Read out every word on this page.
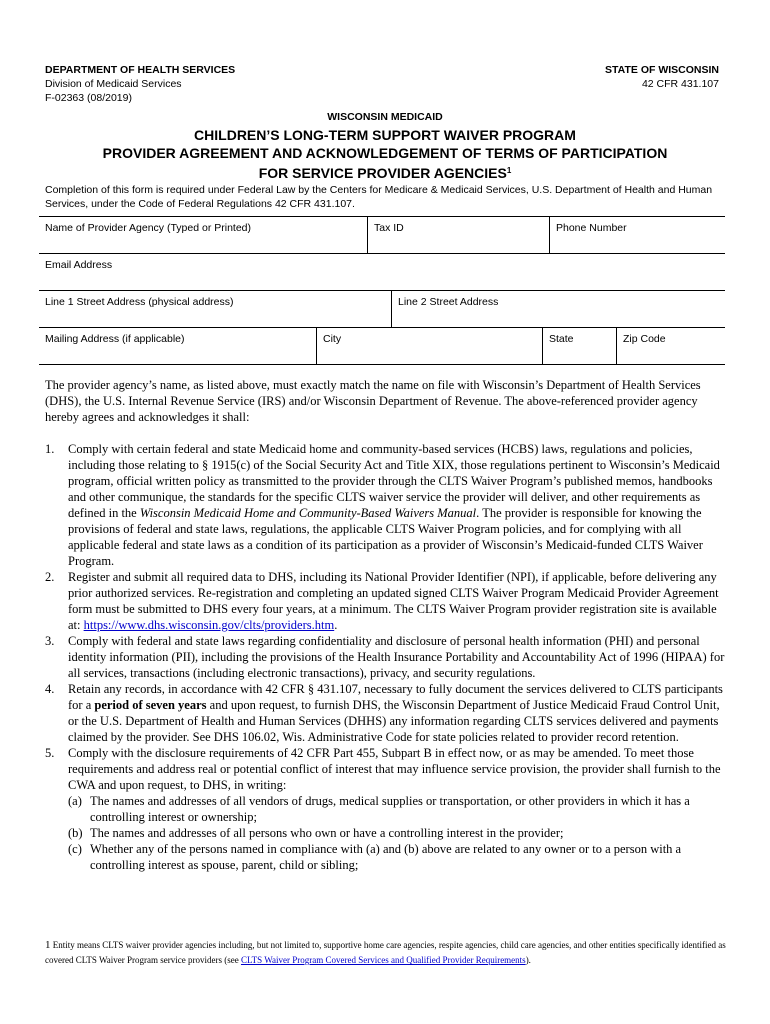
DEPARTMENT OF HEALTH SERVICES
Division of Medicaid Services
F-02363 (08/2019)
STATE OF WISCONSIN
42 CFR 431.107
WISCONSIN MEDICAID
CHILDREN’S LONG-TERM SUPPORT WAIVER PROGRAM
PROVIDER AGREEMENT AND ACKNOWLEDGEMENT OF TERMS OF PARTICIPATION
FOR SERVICE PROVIDER AGENCIES$^1$
Completion of this form is required under Federal Law by the Centers for Medicare & Medicaid Services, U.S. Department of Health and Human Services, under the Code of Federal Regulations 42 CFR 431.107.
Name of Provider Agency (Typed or Printed)	Tax ID	Phone Number
Email Address
Line 1 Street Address (physical address)	Line 2 Street Address
Mailing Address (if applicable)	City	State	Zip Code

The provider agency’s name, as listed above, must exactly match the name on file with Wisconsin’s Department of Health Services (DHS), the U.S. Internal Revenue Service (IRS) and/or Wisconsin Department of Revenue. The above-referenced provider agency hereby agrees and acknowledges it shall:

1. Comply with certain federal and state Medicaid home and community-based services (HCBS) laws, regulations and policies, including those relating to § 1915(c) of the Social Security Act and Title XIX, those regulations pertinent to Wisconsin’s Medicaid program, official written policy as transmitted to the provider through the CLTS Waiver Program’s published memos, handbooks and other communique, the standards for the specific CLTS waiver service the provider will deliver, and other requirements as defined in the Wisconsin Medicaid Home and Community-Based Waivers Manual. The provider is responsible for knowing the provisions of federal and state laws, regulations, the applicable CLTS Waiver Program policies, and for complying with all applicable federal and state laws as a condition of its participation as a provider of Wisconsin’s Medicaid-funded CLTS Waiver Program.
2. Register and submit all required data to DHS, including its National Provider Identifier (NPI), if applicable, before delivering any prior authorized services. Re-registration and completing an updated signed CLTS Waiver Program Medicaid Provider Agreement form must be submitted to DHS every four years, at a minimum. The CLTS Waiver Program provider registration site is available at: https://www.dhs.wisconsin.gov/clts/providers.htm.
3. Comply with federal and state laws regarding confidentiality and disclosure of personal health information (PHI) and personal identity information (PII), including the provisions of the Health Insurance Portability and Accountability Act of 1996 (HIPAA) for all services, transactions (including electronic transactions), privacy, and security regulations.
4. Retain any records, in accordance with 42 CFR § 431.107, necessary to fully document the services delivered to CLTS participants for a period of seven years and upon request, to furnish DHS, the Wisconsin Department of Justice Medicaid Fraud Control Unit, or the U.S. Department of Health and Human Services (DHHS) any information regarding CLTS services delivered and payments claimed by the provider. See DHS 106.02, Wis. Administrative Code for state policies related to provider record retention.
5. Comply with the disclosure requirements of 42 CFR Part 455, Subpart B in effect now, or as may be amended. To meet those requirements and address real or potential conflict of interest that may influence service provision, the provider shall furnish to the CWA and upon request, to DHS, in writing:
(a) The names and addresses of all vendors of drugs, medical supplies or transportation, or other providers in which it has a controlling interest or ownership;
(b) The names and addresses of all persons who own or have a controlling interest in the provider;
(c) Whether any of the persons named in compliance with (a) and (b) above are related to any owner or to a person with a controlling interest as spouse, parent, child or sibling;
1 Entity means CLTS waiver provider agencies including, but not limited to, supportive home care agencies, respite agencies, child care agencies, and other entities specifically identified as covered CLTS Waiver Program service providers (see CLTS Waiver Program Covered Services and Qualified Provider Requirements).
